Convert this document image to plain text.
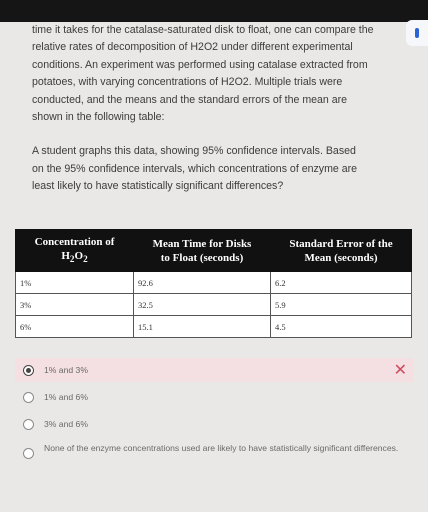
time it takes for the catalase-saturated disk to float, one can compare the

relative rates of decomposition of H2O2 under different experimental

conditions. An experiment was performed using catalase extracted from

potatoes, with varying concentrations of H2O2. Multiple trials were

conducted, and the means and the standard errors of the mean are

shown in the following table:

A student graphs this data, showing 95% confidence intervals. Based

on the 95% confidence intervals, which concentrations of enzyme are

least likely to have statistically significant differences?

Concentration of
$H_2O_2$	Mean Time for Disks
to Float (seconds)	Standard Error of the
Mean (seconds)
1%	92.6	6.2
3%	32.5	5.9
6%	15.1	4.5
1% and 3%	✕
1% and 6%
3% and 6%
None of the enzyme concentrations used are likely to have statistically significant differences.
